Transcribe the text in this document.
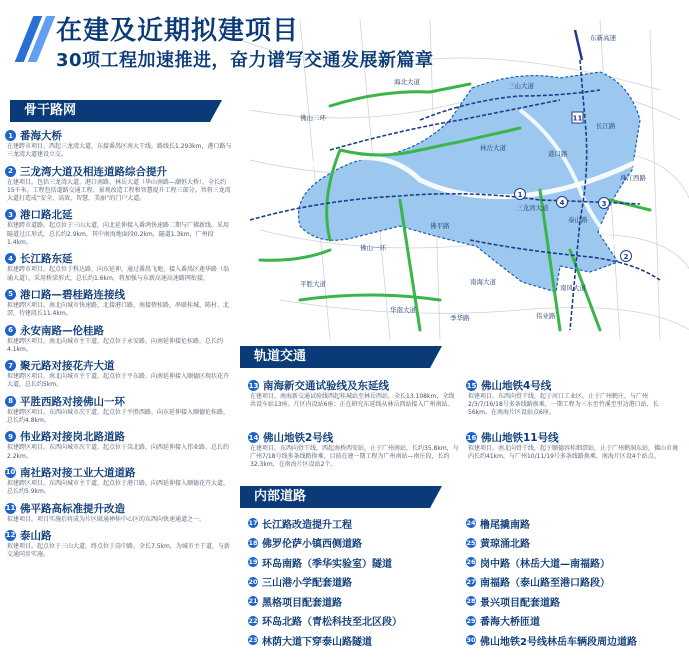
11
2
3
4
1
海北大道	三山大道
长江路
港口路
三龙湾大道
林岳大道
佛山一环
泰山路
佛平路
平胜大道	南海大道
南风大道
东新高速
珠江西路
季华路
华南大道
伟业路
佛山二环
在建及近期拟建项目
30项工程加速推进，奋力谱写交通发展新篇章
骨干路网
1 番海大桥
在建跨市项目。西起三龙湾大道，东接番禺区南大干线。路线长1.293km，港口路与三龙湾大道建设立交。
2 三龙湾大道及相连道路综合提升
在建项目。包括三龙湾大道、港口南路、林岳大道（华山南路—潮恒大桥），全长约15千米。工程包括道路交通工程、景观改造工程和智慧提升工程三部分。旨将三龙湾大道打造成“安全、高效、智慧、美丽”的门户大道。
3 港口路北延
拟建跨市道路。起点位于三山大道，向北延伸接入番鸿快速路二期与广佛新线。采用隧道过江形式，总长约2.9km，其中南海地面段0.2km，隧道1.3km，广州段1.4km。
4 长江路东延
拟建跨市项目。起点位于科达路，向东延伸，通过番禺飞地、接入番禺区莲华路（翁涌大道），采用桥梁形式，总长约1.6km，将加强与东新高速高速路网衔接。
5 港口路—碧桂路连接线
拟建跨区项目。南北向城市快速路，北接港口路，南接碧桂路，串联桂城、陈村、北滘，待建段长11.4km。
6 永安南路—伦桂路
拟建跨区项目。南北向城市主干道，起点位于永安路，向南延伸接伦桂路，总长约4.1km。
7 聚元路对接花卉大道
拟建跨区项目。南北向城市主干道，起点位于平东路，向南延伸接入顺德区现状花卉大道，总长约5km。
8 平胜西路对接佛山一环
拟建跨区项目。东西向城市次干道，起点位于平胜西路，向东延伸接入顺德伦桂路，总长约4.8km。
9 伟业路对接岗北路道路
拟建跨区项目。东西向城市次干道，起点位于岗北路，向西延伸接入伟业路。总长约2.2km。
10 南社路对接工业大道道路
拟建跨区项目。东西向城市主干道，起点位于港口路，向西延伸接入顺德花卉大道，总长约5.9km。
11 佛平路高标准提升改造
拟建项目。项目实施后将成为片区联通禅桂中心区的东西向快速通道之一。
12 泰山路
拟建项目。起点位于三山大道，终点位于岗中路。全长7.5km，为城市主干道，与新交通同步实施。
轨道交通
13 南海新交通试验线及东延线
在建项目。南海新交通试验线西起桂城站至林岳西站，全长13.108km，全线共设车站13座。片区内设站6座；正在研究东延线从林岳西站接入广州南站。
14 佛山地铁2号线
在建项目。东西向骨干线，西起南桥西安站，止于广州南站，长约35.8km，与广州7/18号线多条线路换乘。目前在建一期工程为广州南站—南庄段，长约32.3km，在南海片区设站2个。
15 佛山地铁4号线
拟建项目。东西向骨干线，起于河口工业区，止于广州鹤庄，与广州2/3/7/16/18号多条线路换乘，一期工程为三水至竹溪至里边港口站，长56km。在南海片区设站点6座。
16 佛山地铁11号线
拟建项目。南北向骨干线，起于顺德容桂细滘站，止于广州鹤洞东站，佛山市境内长约41km，与广州10/11/19号多条线路换乘，南海片区设4个站点。
内部道路
17 长江路改造提升工程
18 佛罗伦萨小镇西侧道路
19 环岛南路（季华实验室）隧道
20 三山港小学配套道路
21 黑格项目配套道路
22 环岛北路（青松科技至北区段）
23 林荫大道下穿泰山路隧道
24 橹尾撬南路
25 黄琼涌北路
26 岗中路（林岳大道—南福路）
27 南福路（泰山路至港口路段）
28 景兴项目配套道路
29 番海大桥匝道
30 佛山地铁2号线林岳车辆段周边道路
